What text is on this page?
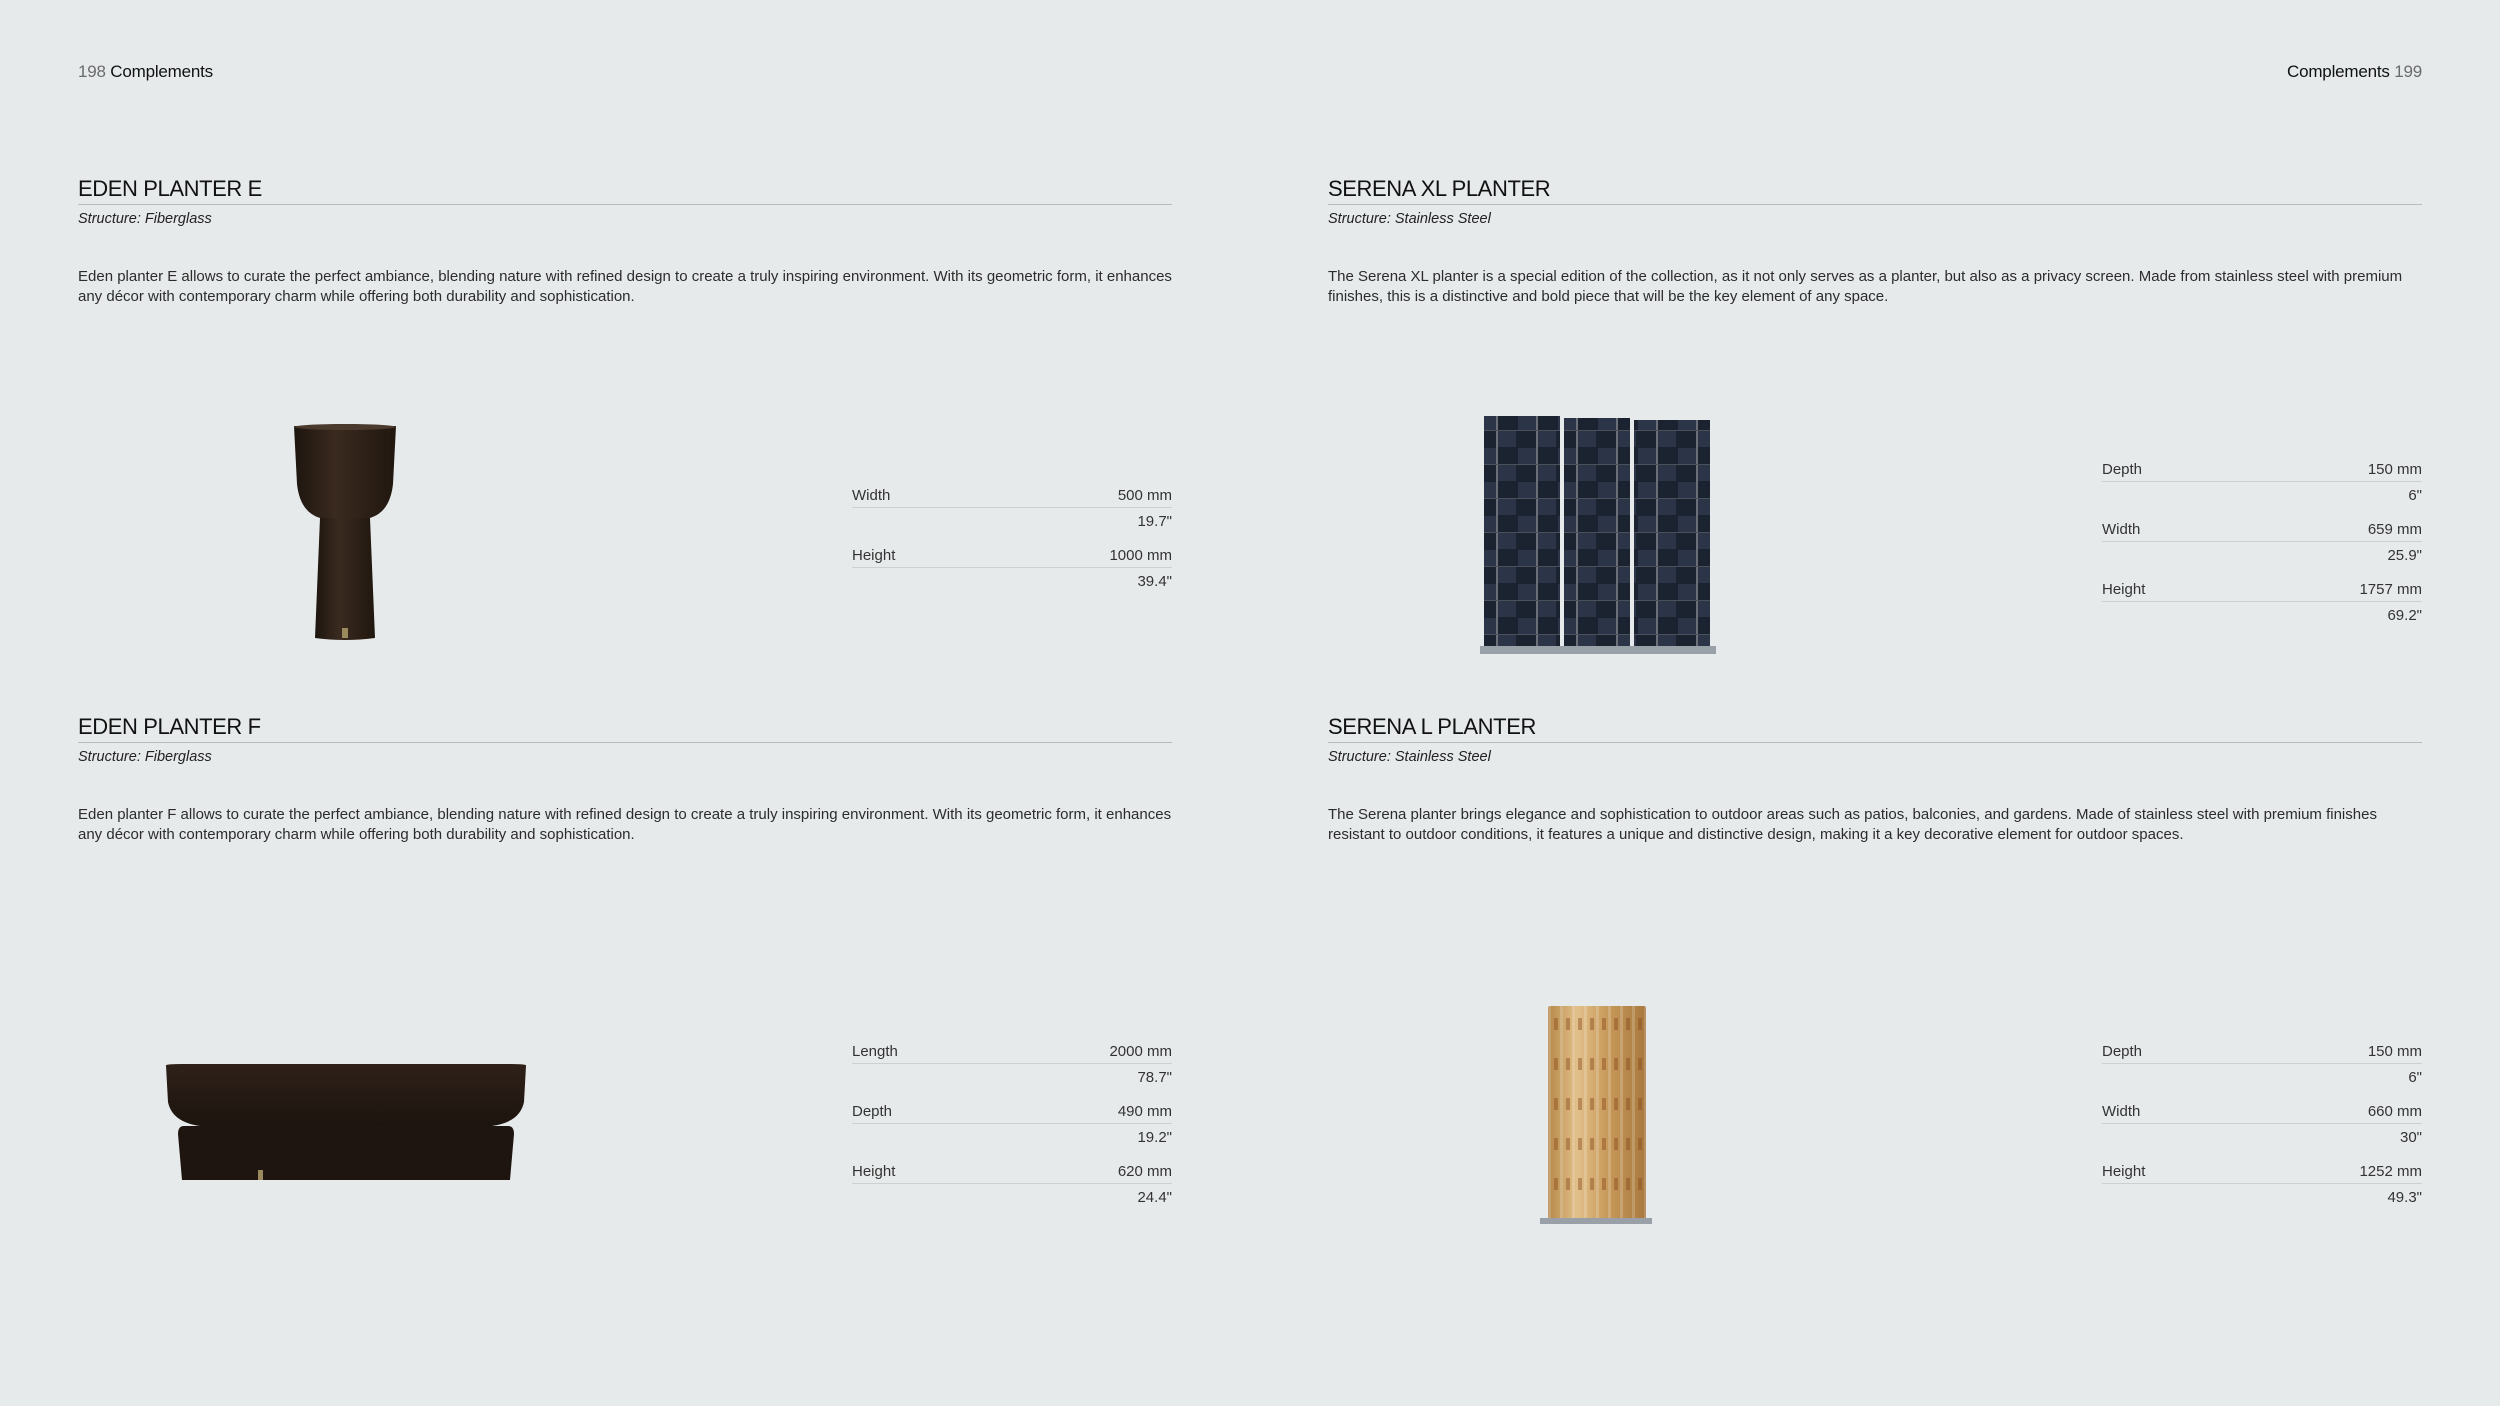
198 Complements	Complements 199
EDEN PLANTER E
Structure: Fiberglass
Eden planter E allows to curate the perfect ambiance, blending nature with refined design to create a truly inspiring environment. With its geometric form, it enhances any décor with contemporary charm while offering both durability and sophistication.
Width	500 mm
19.7"
Height	1000 mm
39.4"
SERENA XL PLANTER
Structure: Stainless Steel
The Serena XL planter is a special edition of the collection, as it not only serves as a planter, but also as a privacy screen. Made from stainless steel with premium finishes, this is a distinctive and bold piece that will be the key element of any space.
Depth	150 mm
6"
Width	659 mm
25.9"
Height	1757 mm
69.2"
EDEN PLANTER F
Structure: Fiberglass
Eden planter F allows to curate the perfect ambiance, blending nature with refined design to create a truly inspiring environment. With its geometric form, it enhances any décor with contemporary charm while offering both durability and sophistication.
Length	2000 mm
78.7"
Depth	490 mm
19.2"
Height	620 mm
24.4"
SERENA L PLANTER
Structure: Stainless Steel
The Serena planter brings elegance and sophistication to outdoor areas such as patios, balconies, and gardens. Made of stainless steel with premium finishes resistant to outdoor conditions, it features a unique and distinctive design, making it a key decorative element for outdoor spaces.
Depth	150 mm
6"
Width	660 mm
30"
Height	1252 mm
49.3"
